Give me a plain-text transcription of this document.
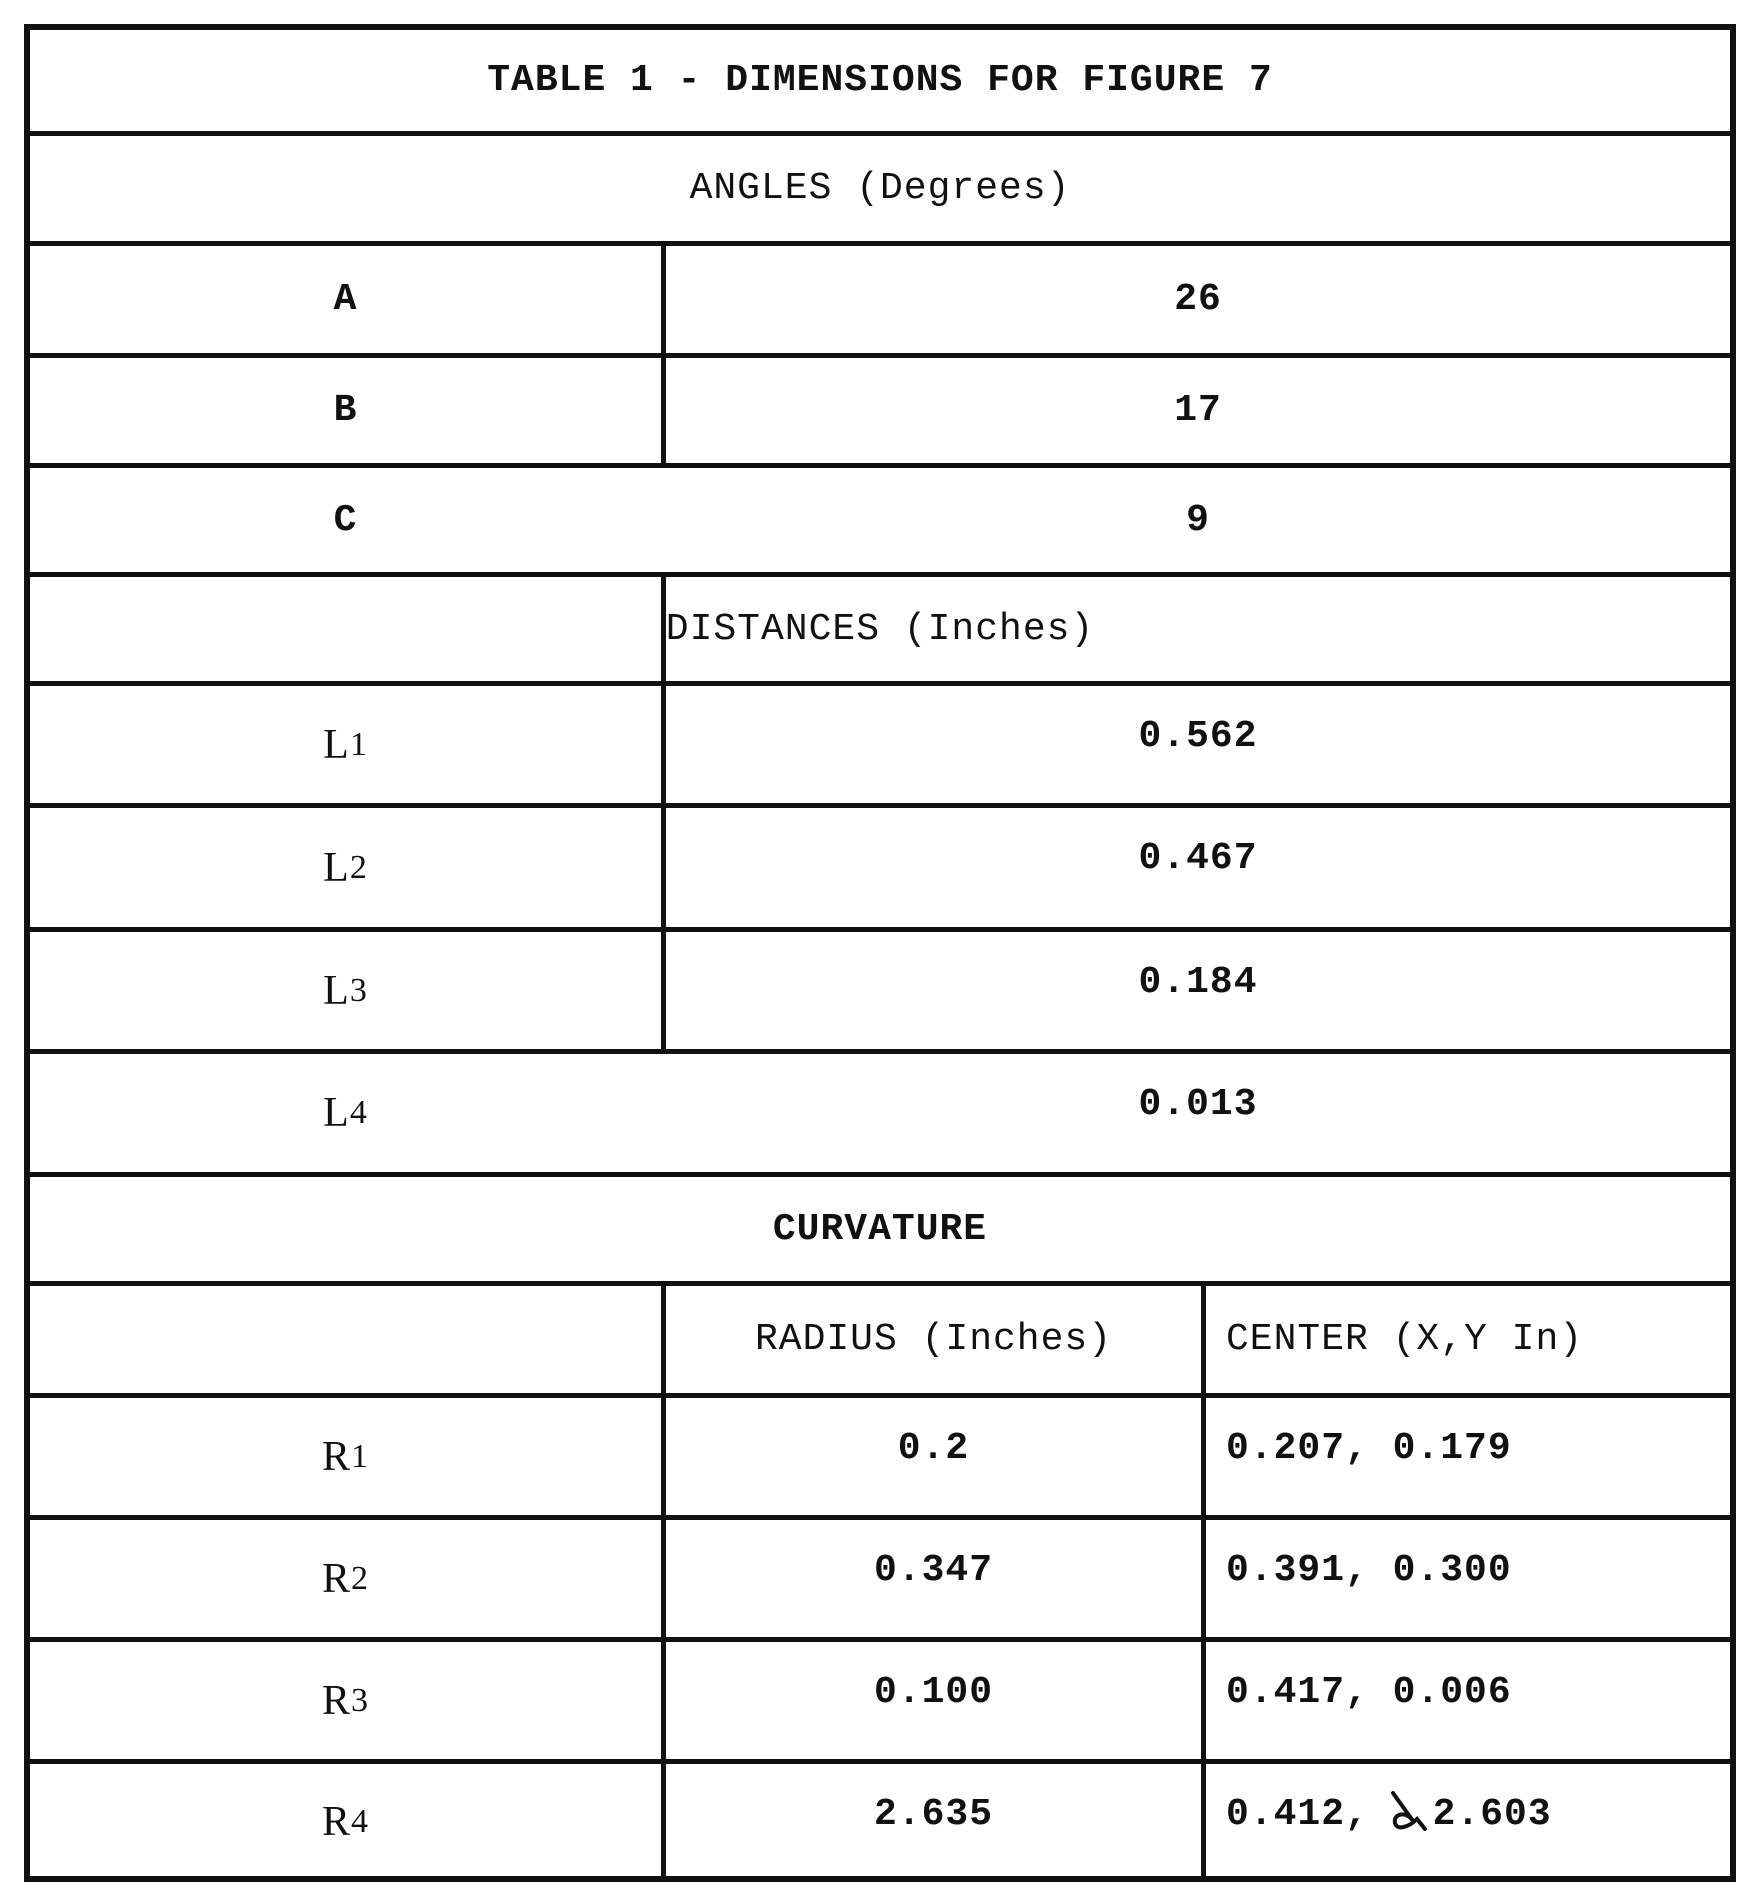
TABLE 1 - DIMENSIONS FOR FIGURE 7
ANGLES (Degrees)
A	26
B	17
C	9
DISTANCES (Inches)
L 1	0.562
L 2	0.467
L 3	0.184
L 4	0.013
CURVATURE
RADIUS (Inches)	CENTER (X,Y In)
R 1	0.2	0.207, 0.179
R 2	0.347	0.391, 0.300
R 3	0.100	0.417, 0.006
R 4	2.635	0.412, 2.603
